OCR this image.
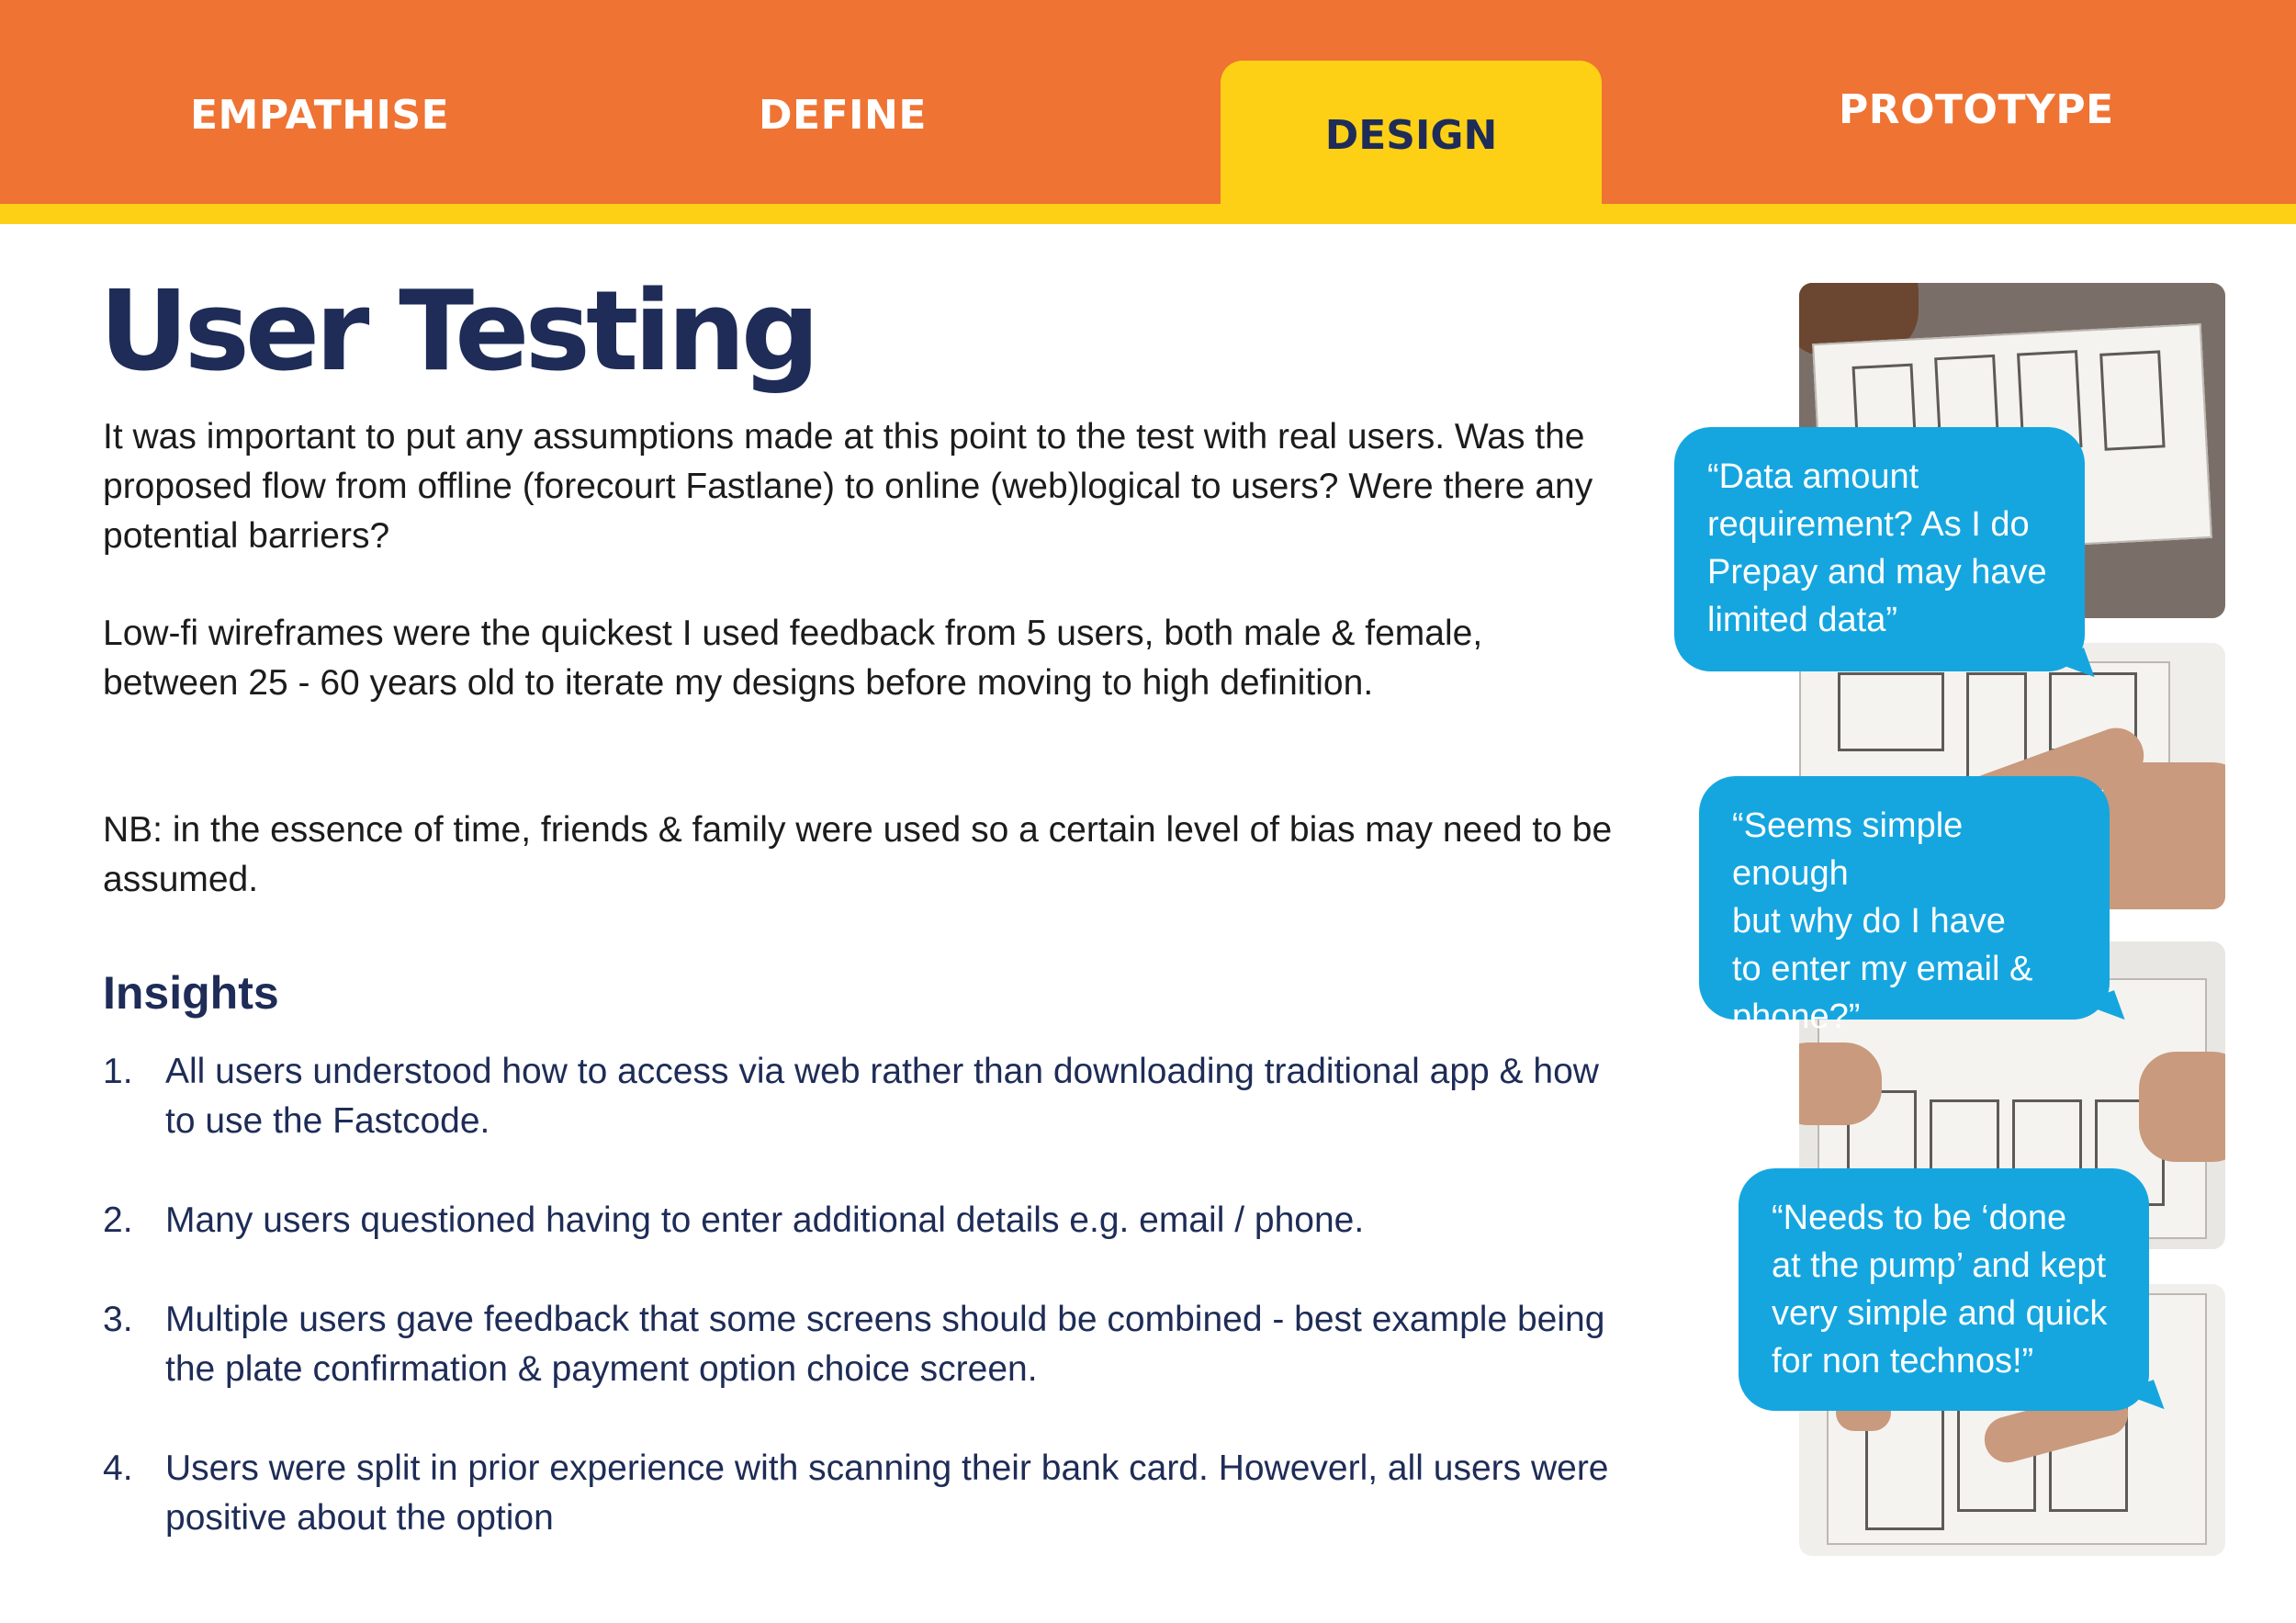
EMPATHISE	DEFINE	DESIGN
PROTOTYPE
User Testing

It was important to put any assumptions made at this point to the test with real users. Was the proposed flow from offline (forecourt Fastlane) to online (web)logical to users? Were there any potential barriers?

Low-fi wireframes were the quickest I used feedback from 5 users, both male & female, between 25 - 60 years old to iterate my designs before moving to high definition.

NB: in the essence of time, friends & family were used so a certain level of bias may need to be assumed.

Insights
1. All users understood how to access via web rather than downloading traditional app & how to use the Fastcode.
2. Many users questioned having to enter additional details e.g. email / phone.
3. Multiple users gave feedback that some screens should be combined - best example being the plate confirmation & payment option choice screen.
4. Users were split in prior experience with scanning their bank card. Howeverl, all users were positive about the option
“Data amount
requirement? As I do
Prepay and may have
limited data”
“Seems simple enough
but why do I have
to enter my email &
phone?”
“Needs to be ‘done
at the pump’ and kept
very simple and quick
for non technos!”
